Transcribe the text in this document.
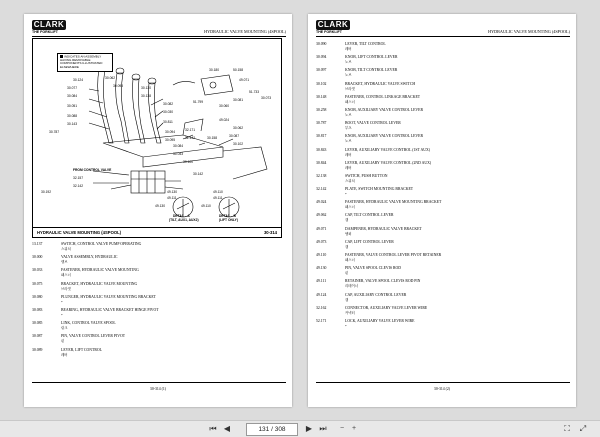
CLARK
THE FORKLIFT	HYDRAULIC VALVE MOUNTING (4SPOOL)
INDICATES AN ASSEMBLY
HAVING REMOVABLE
COMPONENTS ILLUSTRATED
ELSEWHERE
30.124	30.062
30.077
30.084
30.093	30.130
30.138
30.051
30.088
30.082
30.143
30.030
30.787
30.811
30.094
30.095
32.171
32.142
30.084
30.043
30.158	30.087
30.102
30.062
30.100
49.024
30.142
30.180	50.158
49.071
51.733
30.073
30.081
51.799
30.060
32.157
32.142
30.192	49.130
49.111
49.130
49.110
49.111
49.110
FROM CONTROL VALVE
DETAIL - A
(TILT, AUX1, AUX2)
DETAIL - B
(LIFT ONLY)
HYDRAULIC VALVE MOUNTING (4SPOOL)	30-314
13.137	SWITCH, CONTROL VALVE PUMP OPERATING
스위치
30.000	VALVE ASSEMBLY, HYDRAULIC
밸브
30.033	FASTENER, HYDRAULIC VALVE MOUNTING
패스너
30.075	BRACKET, HYDRAULIC VALVE MOUNTING
브라켓
30.080	PLUNGER, HYDRAULIC VALVE MOUNTING BRACKET
*
30.083	BEARING, HYDRAULIC VALVE BRACKET HINGE PIVOT
*
30.085	LINK, CONTROL VALVE SPOOL
링크
30.087	PIN, VALVE CONTROL LEVER PIVOT
핀
30.089	LEVER, LIFT CONTROL
레버
30-314 (1)
CLARK
THE FORKLIFT	HYDRAULIC VALVE MOUNTING (4SPOOL)
30.090	LEVER, TILT CONTROL
레버
30.094	KNOB, LIFT CONTROL LEVER
노브
30.097	KNOB, TILT CONTROL LEVER
노브
30.102	BRACKET, HYDRAULIC VALVE SWITCH
브라켓
30.148	FASTENER, CONTROL LINKAGE BRACKET
패스너
30.258	KNOB, AUXILIARY VALVE CONTROL LEVER
노브
30.787	BOOT, VALVE CONTROL LEVER
부츠
30.817	KNOB, AUXILIARY VALVE CONTROL LEVER
노브
30.843	LEVER, AUXILIARY VALVE CONTROL (1ST AUX)
레버
30.844	LEVER, AUXILIARY VALVE CONTROL (2ND AUX)
레버
32.138	SWITCH, PUSH BUTTON
스위치
32.142	PLATE, SWITCH MOUNTING BRACKET
*
49.024	FASTENER, HYDRAULIC VALVE MOUNTING BRACKET
패스너
49.062	CAP, TILT CONTROL LEVER
캡
49.071	DAMPENER, HYDRAULIC VALVE BRACKET
댐퍼
49.073	CAP, LIFT CONTROL LEVER
캡
49.110	FASTENER, VALVE CONTROL LEVER PIVOT RETAINER
패스너
49.130	PIN, VALVE SPOOL CLEVIS ROD
핀
49.111	RETAINER, VALVE SPOOL CLEVIS ROD PIN
리테이너
49.124	CAP, AUXILIARY CONTROL LEVER
캡
32.162	CONNECTOR, AUXILIARY VALVE LEVER WIRE
커넥터
52.171	LOCK, AUXILIARY VALVE LEVER WIRE
*
30-314 (2)
⏮ ◀	131 / 308	▶ ⏭ − +	⛶ ⤢
